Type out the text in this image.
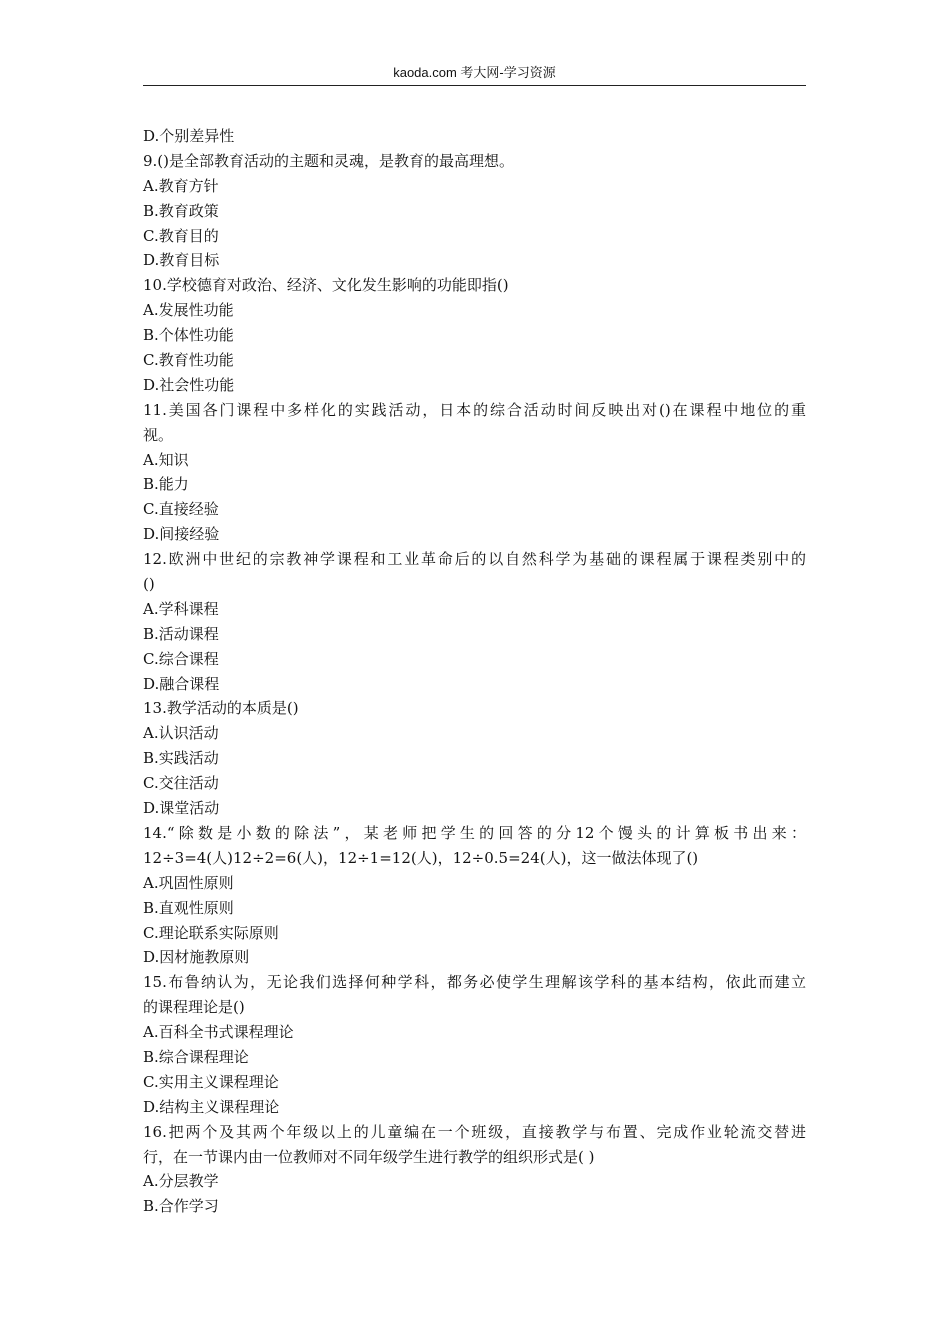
kaoda.com 考大网-学习资源
D.个别差异性
9.()是全部教育活动的主题和灵魂，是教育的最高理想。
A.教育方针
B.教育政策
C.教育目的
D.教育目标
10.学校德育对政治、经济、文化发生影响的功能即指()
A.发展性功能
B.个体性功能
C.教育性功能
D.社会性功能
11.美国各门课程中多样化的实践活动，日本的综合活动时间反映出对()在课程中地位的重
视。
A.知识
B.能力
C.直接经验
D.间接经验
12.欧洲中世纪的宗教神学课程和工业革命后的以自然科学为基础的课程属于课程类别中的
()
A.学科课程
B.活动课程
C.综合课程
D.融合课程
13.教学活动的本质是()
A.认识活动
B.实践活动
C.交往活动
D.课堂活动
14.“除数是小数的除法”，某老师把学生的回答的分12个馒头的计算板书出来：
12÷3=4(人)12÷2=6(人)，12÷1=12(人)，12÷0.5=24(人)，这一做法体现了()
A.巩固性原则
B.直观性原则
C.理论联系实际原则
D.因材施教原则
15.布鲁纳认为，无论我们选择何种学科，都务必使学生理解该学科的基本结构，依此而建立
的课程理论是()
A.百科全书式课程理论
B.综合课程理论
C.实用主义课程理论
D.结构主义课程理论
16.把两个及其两个年级以上的儿童编在一个班级，直接教学与布置、完成作业轮流交替进
行，在一节课内由一位教师对不同年级学生进行教学的组织形式是( )
A.分层教学
B.合作学习
